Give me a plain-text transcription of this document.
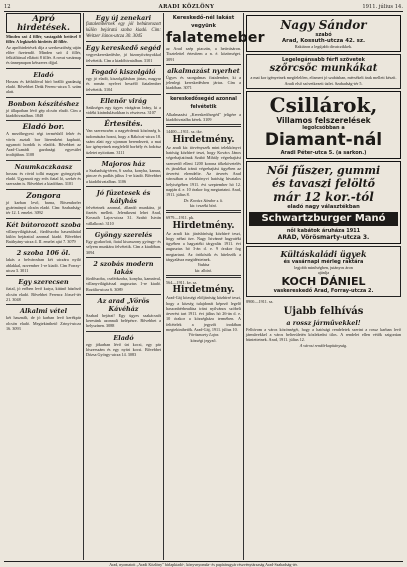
12	ARADI KÖZLÖNY	1911. július 14.
Apró hirdetések.

Minden szó 4 fillér, vastagabb betűvel 8 fillér. A legkisebb hirdetés 40 fillér.

Az apróhirdetések díja a szerkesztőség utján előre fizetendő. Minden szó 4 fillér, felkiáltással ellátott 8 fillér. A rovat vasárnap és ünnepnapon kétszeres díjjal.

Eladó

Hosszu és kéthálóval bíró beálló gazdaság eladó. Bővebbet Deák Ferenc-utcza 5. szám alatt.

Bonbon készítéshez

jó állapotban lévő gép olcsón eladó. Cím a kiadóhivatalban. 1848

Eladó bor.

A mezőhegyesi régi termésből fehér és vörös asztali bor literenként kapható, ugyanott hordók is eladók. Bővebbet az Arad-Csanádi gazdasági egyesület irodájában. 3108

Naumkaczkaasz

hosszu és rövid tollú magyar gyöngytyúk eladó. Ugyanott egy erős fiatal ló, szekér és szerszám is. Bővebbet a kiadóban. 3101

Zongora

jó karban levő, barna, Bösendorfer gyártmányú olcsón eladó. Cím: Szabadság-tér 12. I. emelet. 3092

Két bútorozott szoba

villanyvilágítással, fürdőszoba használattal külön bejárattal azonnal kiadó. Bővebbet Batthyány-utcza 4. II. emelet ajtó 7. 3079

2 szoba 106 öl.

lakás a belvárosban két utczára nyiló ablakkal, november 1-re kiadó. Cím Forray-utcza 3. 3011

Egy szerecsen

fiatal, jó erőben levő kutya, kitünő házőrző olcsón eladó. Bővebbet Ferencz József-tér 21. 3048

Alkalmi vétel

két használt, de jó karban levő kerékpár olcsón eladó. Megtekinthető Zrinyi-utcza 16. 3093

Egy új zenekari

fiatalembernek egy jól bebútorozott külön bejáratú szoba kiadó. Cím: Weitzer János-utcza 30. 3045

Egy kereskedő segéd

vegyeskereskedésbe, jó bizonyítványokkal felvétetik. Cím a kiadóhivatalban. 3101

Fogadó kiszolgáló

egy jó eladó, kiszolgálásban jártas, magyar és román nyelvet beszélő fiatalember felvétetik. 3104

Ellenőr virág

Szükséges egy ügyes virágárus leány, ki a vidéki kirándulásokban is résztvesz. 3107

Értesítés.

Van szerencsém a nagyérdemü közönség b. tudomására hozni, hogy a Rákóczi-utcza 18. szám alatt egy ujonnan berendezett, a mai kor igényeinek megfelelő borbély és fodrász üzletet nyitottam. 3111

Majoros ház

a Szabadság-téren, 6 szoba, konyha, kamra, pincze és padlás július 1-re kiadó. Bővebbet a kiadóhivatalban. 3106

Jó füzetesek és kályhás

felvétetnek azonnal, állandó munkára, jó fizetés mellett. Jelentkezni lehet Arad, Kossuth Lajos-utcza 31. Szabó István vállalkozó. 3110

Gyöngy szerelés

Egy gyakorlott, fiatal kisasszony gyöngy- és selyem munkára felvétetik. Cím a kiadóban. 3094

2 szobás modern lakás

fürdőszoba, cselédszoba, konyha, kamrával, villanyvilágítással augusztus 1-re kiadó. Rozália-utcza 6. 3089

Az arad „Vörös Kávéház

Szabad bejárat! Egy ügyes szakácsnőt keresünk azonnali belépésre. Bővebbet a helyszínen. 3088

Eladó

egy jókarban lévő úri kocsi, egy pár lószerszám és egy nyári kocsi. Bővebbet Dózsa György-utcza 14. 3083

Kereskedő-nél lakást vegyünk
falatemeber

az Arad szép piaczán, a hetivásáron. Tisztelettel értesítem a n. é. közönséget. 3091

alkalmazást nyerhet

Ügyes és szorgalmas fiatalember, ki a jelenlegi kereskedésben jártas. Cím a kiadóban. 3071

kereskedősegéd azonnal felvétetik

Alkalmazást „Kereskedősegéd" jeligére a kiadóhivatalba kérek. 3109

14400—1911. sz. tkv.

Hirdetmény.

Az aradi kir. törvényszék mint telekkönyvi hatóság közhírré teszi, hogy Kovács János végrehajtatónak Szabó Mihály végrehajtást szenvedő elleni 1200 korona tőkekövetelés és járulékai iránti végrehajtási ügyében az árverést elrendelte. Az árverés Arad városában a telekkönyvi hatóság hivatalos helyiségében 1911. évi szeptember hó 12. napján d. e. 10 órakor fog megtartatni. Arad, 1911. július 8.

Dr. Kovács Sándor s. k.

kir. tvszéki bíró.

6979—1911. pk.

Hirdetmény.

Az aradi kir. járásbíróság közhírré teszi, hogy néhai özv. Nagy Istvánné hagyatéki ügyében a hagyatéki tárgyalás 1911. évi augusztus hó 3-án d. e. 9 órakor fog megtartani. Az örökösök és hitelezők a tárgyalásra megidéztetnek.

Vadász

kir. albíró.

564—1911. kv. sz.

Hirdetmény.

Arad-Gáj községi elöljáróság közhírré teszi, hogy a község tulajdonát képező legelő haszonbérbeadása iránt nyilvános szóbeli árverést tart 1911. évi július hó 26-án d. e. 10 órakor a községháza termében. A feltételek a jegyzői irodában megtekinthetők. Arad-Gáj, 1911. július 10.

Vörösmarty Lajos

községi jegyző.

Nagy Sándor
szabó
Arad, Kossuth-utcza 42. sz.

Raktáron a legújabb divatczikkek.

Legelegánsabb férfi szövetek
szőrcsőc munkákat

a mai kor igényeinek megfelelően, elismert jó szabásban, mérsékelt árak mellett készít. Aradi első szövetkezeti üzlet. Szabadság-tér 5.

Csillárok,
Villamos felszerelések
legolcsóbban a
Diamant-nál
Aradi Péter-utca 5. (a sarkon.)
Női fűszer, gummi
és tavaszi felöltő
már 12 kor.-tól
eladó nagy választékban
Schwartzburger Manó
női kabátok áruháza 1911
ARAD, Vörösmarty-utcza 3.
Kültáskaládi ügyek
és vasárnapi mérleg raktára

legjobb minőségben, jutányos áron

ajánlja

KOCH DÁNIEL
vaskereskedő Arad, Forray-utcza 2.

8900—1911. sz.

Ujabb felhívás
a rossz járművekkel!

Felhívom a város közönségét, hogy a hatósági rendeletek szerint a rossz karban levő járművekkel a város belterületén közlekedni tilos. A rendelet ellen vétők szigorúan büntettetnek. Arad, 1911. július 12.

A városi rendőrkapitányság.

Arad, nyomatott „Aradi Közlöny" hírlapkiadó-, könyvnyomda- és papírárugyár részvénytársaság Arad-Szabadság-tér.
